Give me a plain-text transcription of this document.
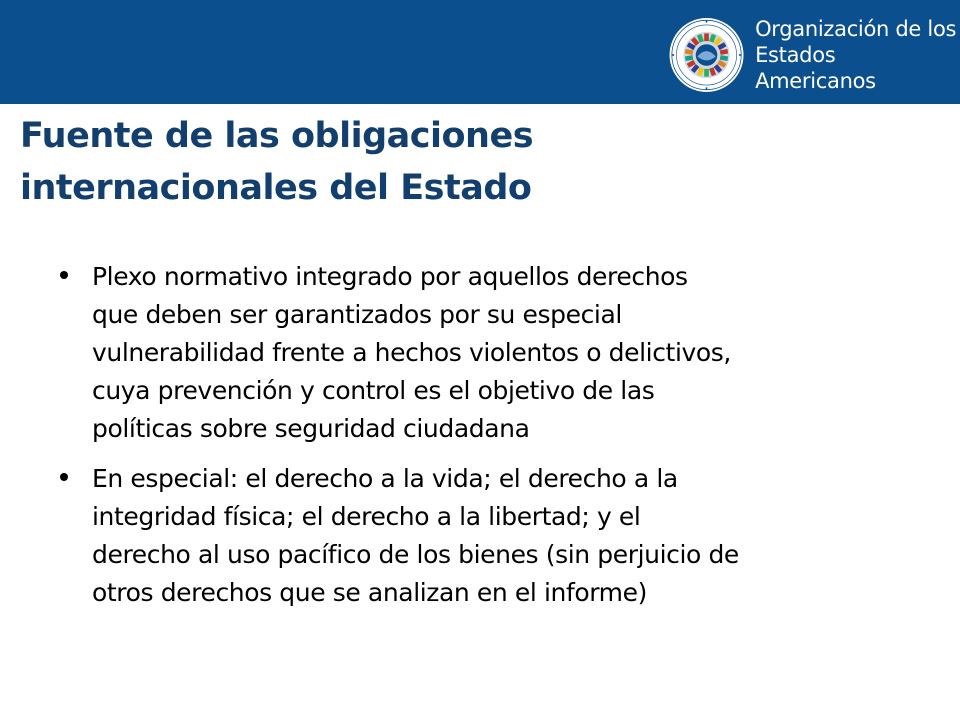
Organización de los
Estados Americanos
Fuente de las obligaciones
internacionales del Estado
Plexo normativo integrado por aquellos derechos
que deben ser garantizados por su especial
vulnerabilidad frente a hechos violentos o delictivos,
cuya prevención y control es el objetivo de las
políticas sobre seguridad ciudadana
En especial: el derecho a la vida; el derecho a la
integridad física; el derecho a la libertad; y el
derecho al uso pacífico de los bienes (sin perjuicio de
otros derechos que se analizan en el informe)
